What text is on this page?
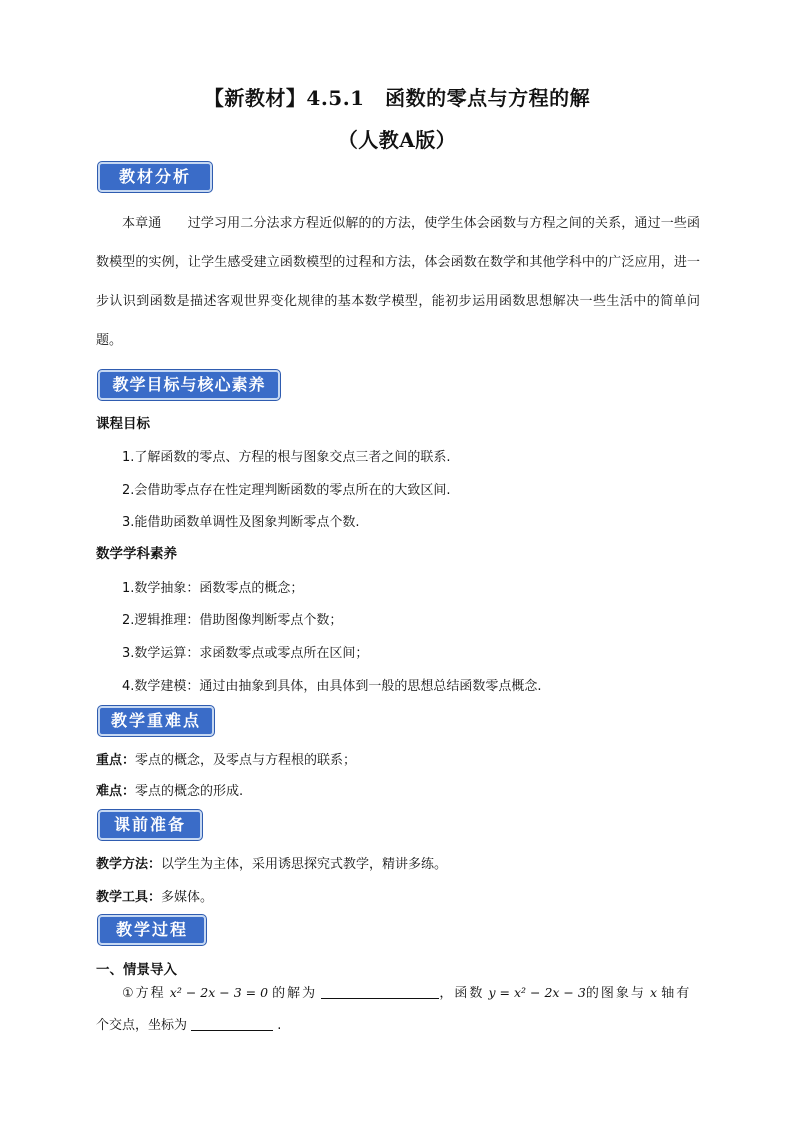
【新教材】4.5.1　函数的零点与方程的解
（人教A版）
教材分析
本章通　　过学习用二分法求方程近似解的的方法，使学生体会函数与方程之间的关系，通过一些函数模型的实例，让学生感受建立函数模型的过程和方法，体会函数在数学和其他学科中的广泛应用，进一步认识到函数是描述客观世界变化规律的基本数学模型，能初步运用函数思想解决一些生活中的简单问题。
教学目标与核心素养
课程目标
1.了解函数的零点、方程的根与图象交点三者之间的联系.
2.会借助零点存在性定理判断函数的零点所在的大致区间.
3.能借助函数单调性及图象判断零点个数.
数学学科素养
1.数学抽象：函数零点的概念；
2.逻辑推理：借助图像判断零点个数；
3.数学运算：求函数零点或零点所在区间；
4.数学建模：通过由抽象到具体，由具体到一般的思想总结函数零点概念.
教学重难点
重点：零点的概念，及零点与方程根的联系；
难点：零点的概念的形成.
课前准备
教学方法：以学生为主体，采用诱思探究式教学，精讲多练。
教学工具：多媒体。
教学过程
一、情景导入
①方程 x² − 2x − 3 = 0 的解为	，函数 y = x² − 2x − 3的图象与 x 轴有
个交点，坐标为	.
